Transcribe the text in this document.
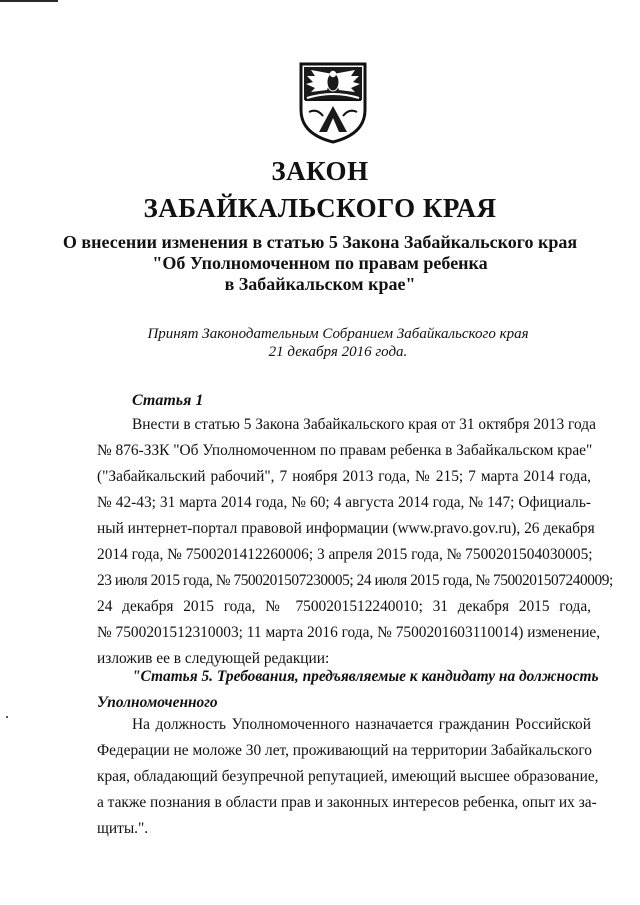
ЗАКОН
ЗАБАЙКАЛЬСКОГО КРАЯ
О внесении изменения в статью 5 Закона Забайкальского края
"Об Уполномоченном по правам ребенка
в Забайкальском крае"
Принят Законодательным Собранием Забайкальского края
21 декабря 2016 года.
Статья 1
Внести в статью 5 Закона Забайкальского края от 31 октября 2013 года
№ 876-ЗЗК "Об Уполномоченном по правам ребенка в Забайкальском крае"
("Забайкальский рабочий", 7 ноября 2013 года, № 215; 7 марта 2014 года,
№ 42-43; 31 марта 2014 года, № 60; 4 августа 2014 года, № 147; Официаль-
ный интернет-портал правовой информации (www.pravo.gov.ru), 26 декабря
2014 года, № 7500201412260006; 3 апреля 2015 года, № 7500201504030005;
23 июля 2015 года, № 7500201507230005; 24 июля 2015 года, № 7500201507240009;
24 декабря 2015 года, № 7500201512240010; 31 декабря 2015 года,
№ 7500201512310003; 11 марта 2016 года, № 7500201603110014) изменение,
изложив ее в следующей редакции:
"Статья 5. Требования, предъявляемые к кандидату на должность
Уполномоченного
На должность Уполномоченного назначается гражданин Российской
Федерации не моложе 30 лет, проживающий на территории Забайкальского
края, обладающий безупречной репутацией, имеющий высшее образование,
а также познания в области прав и законных интересов ребенка, опыт их за-
щиты.".
